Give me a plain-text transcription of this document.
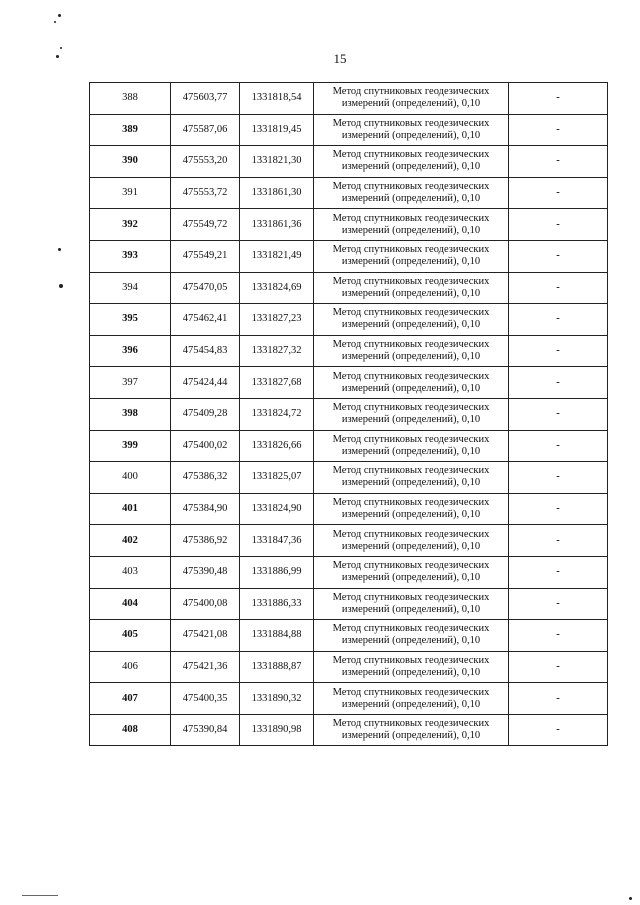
15
388	475603,77	1331818,54	Метод спутниковых геодезических
измерений (определений), 0,10	-
389	475587,06	1331819,45	Метод спутниковых геодезических
измерений (определений), 0,10	-
390	475553,20	1331821,30	Метод спутниковых геодезических
измерений (определений), 0,10	-
391	475553,72	1331861,30	Метод спутниковых геодезических
измерений (определений), 0,10	-
392	475549,72	1331861,36	Метод спутниковых геодезических
измерений (определений), 0,10	-
393	475549,21	1331821,49	Метод спутниковых геодезических
измерений (определений), 0,10	-
394	475470,05	1331824,69	Метод спутниковых геодезических
измерений (определений), 0,10	-
395	475462,41	1331827,23	Метод спутниковых геодезических
измерений (определений), 0,10	-
396	475454,83	1331827,32	Метод спутниковых геодезических
измерений (определений), 0,10	-
397	475424,44	1331827,68	Метод спутниковых геодезических
измерений (определений), 0,10	-
398	475409,28	1331824,72	Метод спутниковых геодезических
измерений (определений), 0,10	-
399	475400,02	1331826,66	Метод спутниковых геодезических
измерений (определений), 0,10	-
400	475386,32	1331825,07	Метод спутниковых геодезических
измерений (определений), 0,10	-
401	475384,90	1331824,90	Метод спутниковых геодезических
измерений (определений), 0,10	-
402	475386,92	1331847,36	Метод спутниковых геодезических
измерений (определений), 0,10	-
403	475390,48	1331886,99	Метод спутниковых геодезических
измерений (определений), 0,10	-
404	475400,08	1331886,33	Метод спутниковых геодезических
измерений (определений), 0,10	-
405	475421,08	1331884,88	Метод спутниковых геодезических
измерений (определений), 0,10	-
406	475421,36	1331888,87	Метод спутниковых геодезических
измерений (определений), 0,10	-
407	475400,35	1331890,32	Метод спутниковых геодезических
измерений (определений), 0,10	-
408	475390,84	1331890,98	Метод спутниковых геодезических
измерений (определений), 0,10	-
